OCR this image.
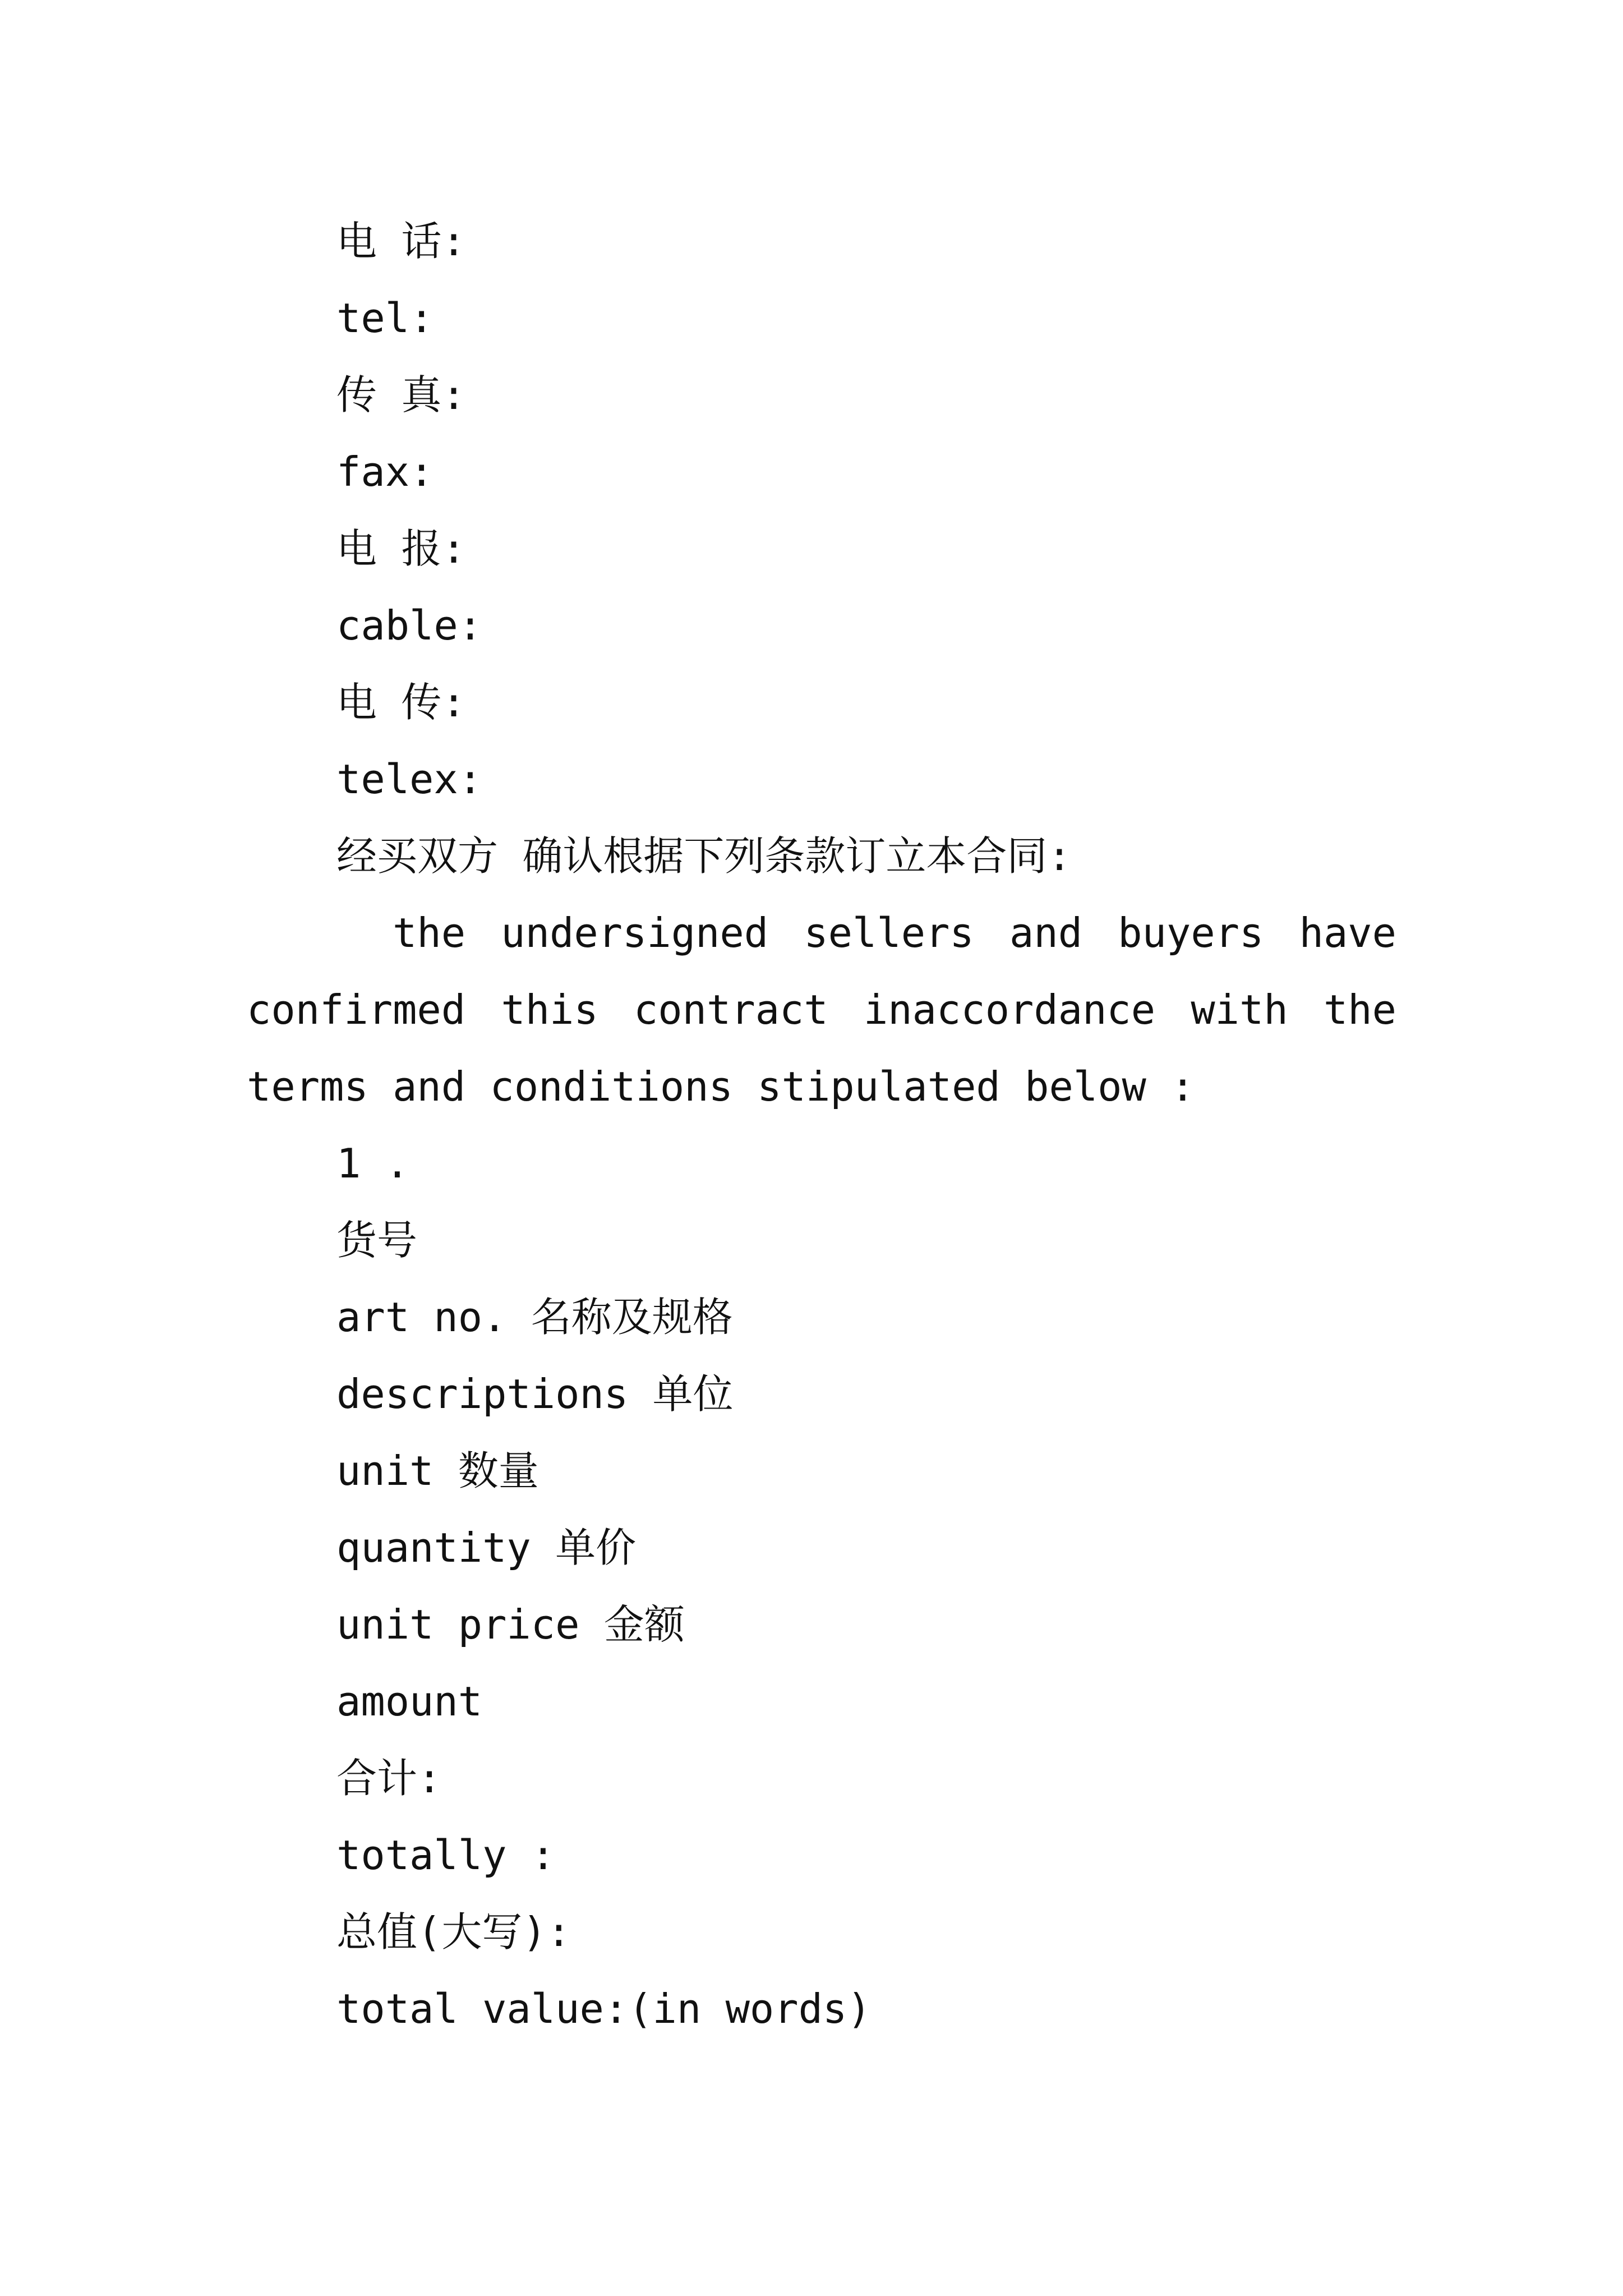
电 话:
tel:
传 真:
fax:
电 报:
cable:
电 传:
telex:
经买双方 确认根据下列条款订立本合同:

the undersigned sellers and buyers have confirmed this contract inaccordance with the terms and conditions stipulated below :

1 .
货号
art no. 名称及规格
descriptions 单位
unit 数量
quantity 单价
unit price 金额
amount
合计:
totally :
总值(大写):
total value:(in words)
